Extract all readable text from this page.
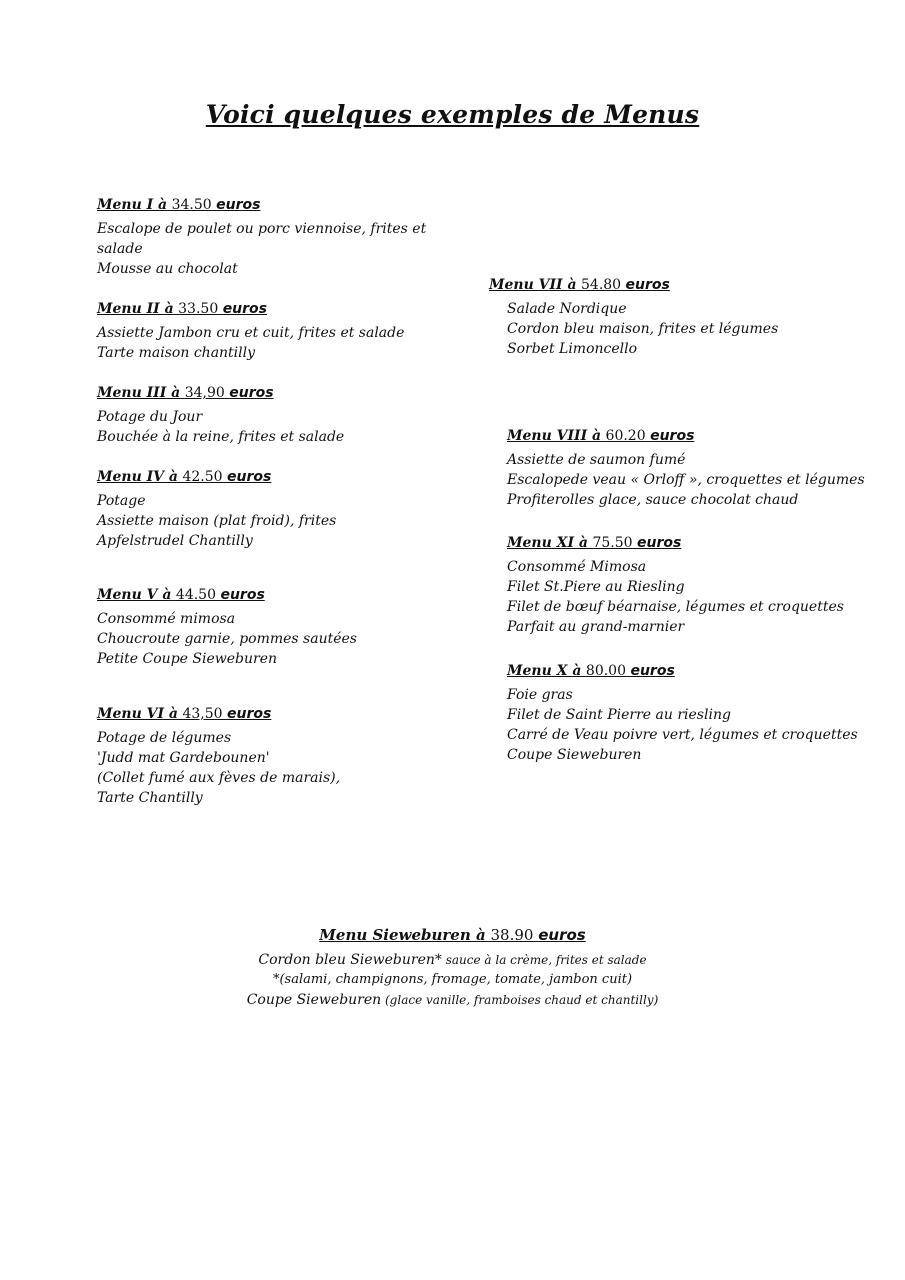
Voici quelques exemples de Menus
Menu I à 34.50 euros
Escalope de poulet ou porc viennoise, frites et
salade
Mousse au chocolat
Menu II à 33.50 euros
Assiette Jambon cru et cuit, frites et salade
Tarte maison chantilly
Menu III à 34,90 euros
Potage du Jour
Bouchée à la reine, frites et salade
Menu IV à 42.50 euros
Potage
Assiette maison (plat froid), frites
Apfelstrudel Chantilly
Menu V à 44.50 euros
Consommé mimosa
Choucroute garnie, pommes sautées
Petite Coupe Sieweburen
Menu VI à 43,50 euros
Potage de légumes
'Judd mat Gardebounen'
(Collet fumé aux fèves de marais),
Tarte Chantilly
Menu VII à 54.80 euros
Salade Nordique
Cordon bleu maison, frites et légumes
Sorbet Limoncello
Menu VIII à 60.20 euros
Assiette de saumon fumé
Escalopede veau « Orloff », croquettes et légumes
Profiterolles glace, sauce chocolat chaud
Menu XI à 75.50 euros
Consommé Mimosa
Filet St.Piere au Riesling
Filet de bœuf béarnaise, légumes et croquettes
Parfait au grand-marnier
Menu X à 80.00 euros
Foie gras
Filet de Saint Pierre au riesling
Carré de Veau poivre vert, légumes et croquettes
Coupe Sieweburen
Menu Sieweburen à 38.90 euros
Cordon bleu Sieweburen* sauce à la crème, frites et salade
*(salami, champignons, fromage, tomate, jambon cuit)
Coupe Sieweburen (glace vanille, framboises chaud et chantilly)
